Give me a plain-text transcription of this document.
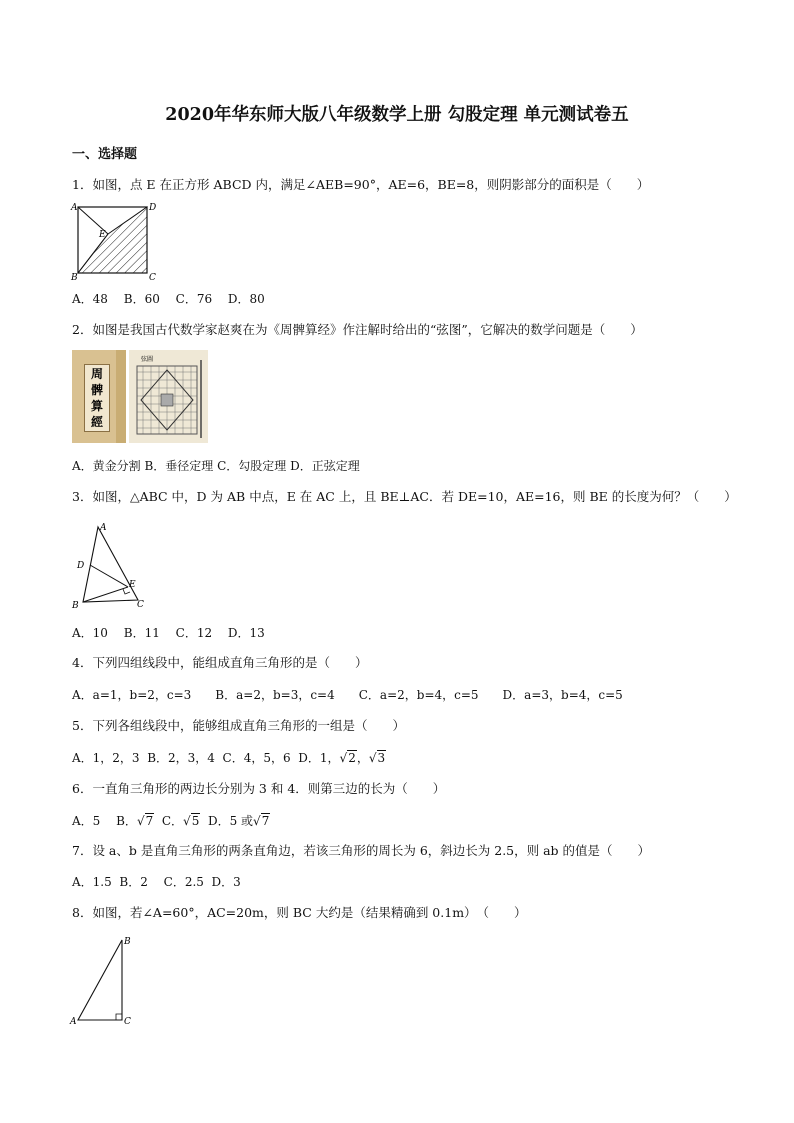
2020年华东师大版八年级数学上册 勾股定理 单元测试卷五
一、选择题
1．如图，点 E 在正方形 ABCD 内，满足∠AEB=90°，AE=6，BE=8，则阴影部分的面积是（　　）
A	D
B	C
E
A．48　 B．60　 C．76　 D．80
2．如图是我国古代数学家赵爽在为《周髀算经》作注解时给出的“弦图”，它解决的数学问题是（　　）
周
髀
算
經
弦圖
A．黄金分割 B．垂径定理 C．勾股定理 D．正弦定理
3．如图，△ABC 中，D 为 AB 中点，E 在 AC 上，且 BE⊥AC．若 DE=10，AE=16，则 BE 的长度为何？（　　）
A
B	C
D
E
A．10　 B．11　 C．12　 D．13
4．下列四组线段中，能组成直角三角形的是（　　）
A．a=1，b=2，c=3　　B．a=2，b=3，c=4　　C．a=2，b=4，c=5　　D．a=3，b=4，c=5
5．下列各组线段中，能够组成直角三角形的一组是（　　）
A．1，2，3  B．2，3，4  C．4，5，6  D．1，√2，√3
6．一直角三角形的两边长分别为 3 和 4．则第三边的长为（　　）
A．5　 B．√7  C．√5  D．5 或√7
7．设 a、b 是直角三角形的两条直角边，若该三角形的周长为 6，斜边长为 2.5，则 ab 的值是（　　）
A．1.5  B．2　 C．2.5  D．3
8．如图，若∠A=60°，AC=20m，则 BC 大约是（结果精确到 0.1m）　（　　）
B
A	C
